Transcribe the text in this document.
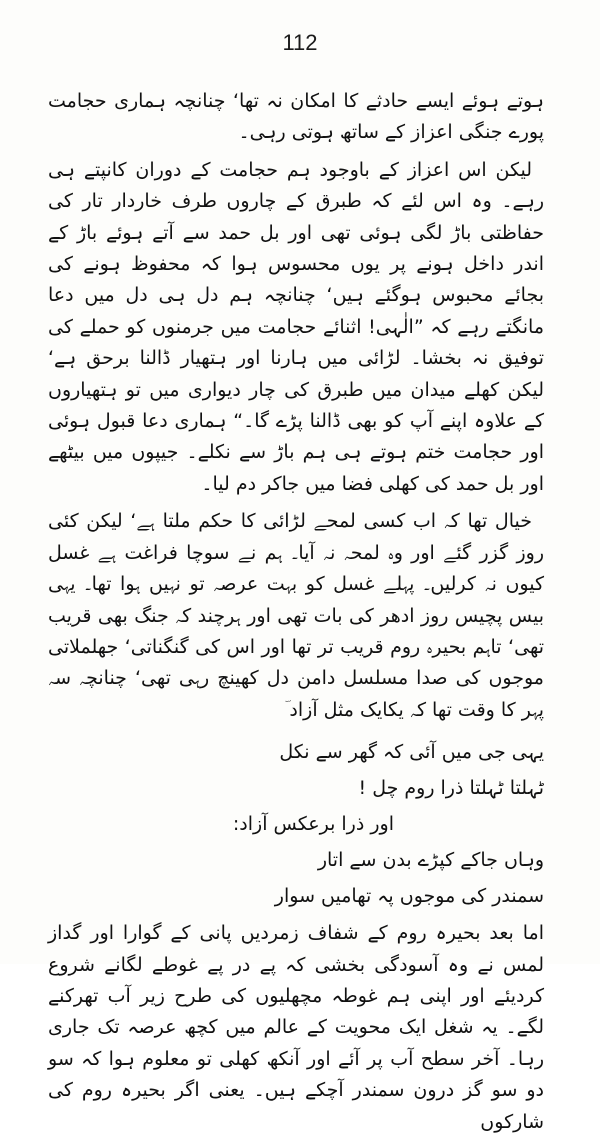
112

ہوتے ہوئے ایسے حادثے کا امکان نہ تھا‘ چنانچہ ہماری حجامت پورے جنگی اعزاز کے ساتھ ہوتی رہی۔

لیکن اس اعزاز کے باوجود ہم حجامت کے دوران کانپتے ہی رہے۔ وہ اس لئے کہ طبرق کے چاروں طرف خاردار تار کی حفاظتی باڑ لگی ہوئی تھی اور بل حمد سے آتے ہوئے باڑ کے اندر داخل ہونے پر یوں محسوس ہوا کہ محفوظ ہونے کی بجائے محبوس ہوگئے ہیں‘ چنانچہ ہم دل ہی دل میں دعا مانگتے رہے کہ ”الٰہی! اثنائے حجامت میں جرمنوں کو حملے کی توفیق نہ بخشا۔ لڑائی میں ہارنا اور ہتھیار ڈالنا برحق ہے‘ لیکن کھلے میدان میں طبرق کی چار دیواری میں تو ہتھیاروں کے علاوہ اپنے آپ کو بھی ڈالنا پڑے گا۔“ ہماری دعا قبول ہوئی اور حجامت ختم ہوتے ہی ہم باڑ سے نکلے۔ جیپوں میں بیٹھے اور بل حمد کی کھلی فضا میں جاکر دم لیا۔

خیال تھا کہ اب کسی لمحے لڑائی کا حکم ملتا ہے‘ لیکن کئی روز گزر گئے اور وہ لمحہ نہ آیا۔ ہم نے سوچا فراغت ہے غسل کیوں نہ کرلیں۔ پہلے غسل کو بہت عرصہ تو نہیں ہوا تھا۔ یہی بیس پچیس روز ادھر کی بات تھی اور ہرچند کہ جنگ بھی قریب تھی‘ تاہم بحیرہ روم قریب تر تھا اور اس کی گنگناتی‘ جھلملاتی موجوں کی صدا مسلسل دامن دل کھینچ رہی تھی‘ چنانچہ سہ پہر کا وقت تھا کہ یکایک مثل آزاد ؔ

یہی جی میں آئی کہ گھر سے نکل

ٹہلتا ٹہلتا ذرا روم چل !

اور ذرا برعکس آزاد:

وہاں جاکے کپڑے بدن سے اتار

سمندر کی موجوں پہ تھامیں سوار

اما بعد بحیرہ روم کے شفاف زمردیں پانی کے گوارا اور گداز لمس نے وہ آسودگی بخشی کہ پے در پے غوطے لگانے شروع کردیئے اور اپنی ہم غوطہ مچھلیوں کی طرح زیر آب تھرکنے لگے۔ یہ شغل ایک محویت کے عالم میں کچھ عرصہ تک جاری رہا۔ آخر سطح آب پر آئے اور آنکھ کھلی تو معلوم ہوا کہ سو دو سو گز درون سمندر آچکے ہیں۔ یعنی اگر بحیرہ روم کی شارکوں
